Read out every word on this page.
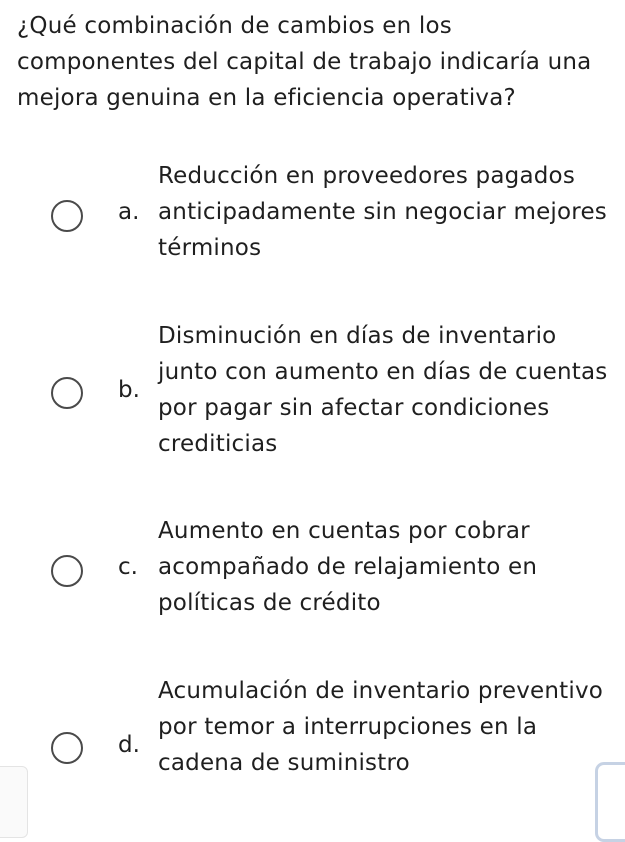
¿Qué combinación de cambios en los componentes del capital de trabajo indicaría una mejora genuina en la eficiencia operativa?
a.
Reducción en proveedores pagados anticipadamente sin negociar mejores términos
b.
Disminución en días de inventario junto con aumento en días de cuentas por pagar sin afectar condiciones crediticias
c.
Aumento en cuentas por cobrar acompañado de relajamiento en políticas de crédito
d.
Acumulación de inventario preventivo por temor a interrupciones en la cadena de suministro
